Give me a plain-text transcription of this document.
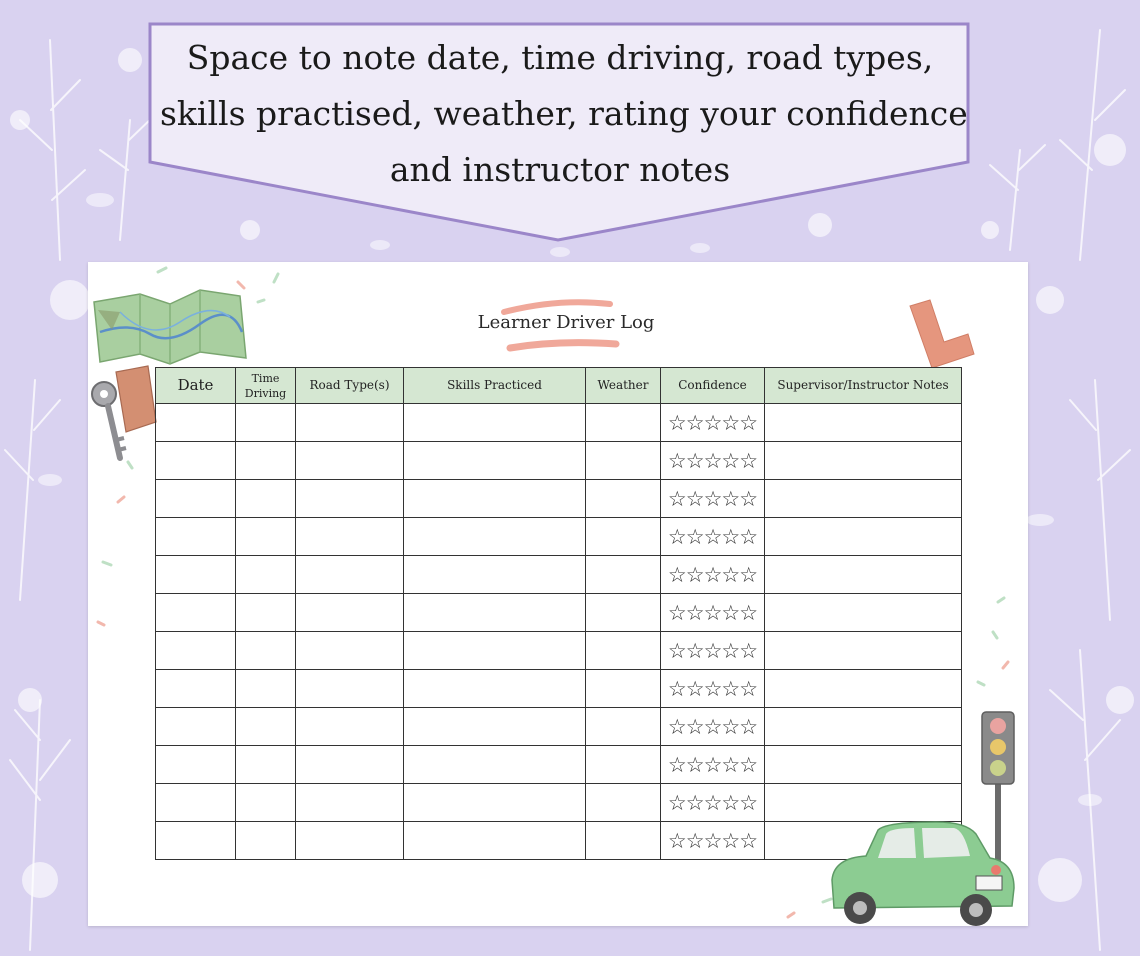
Space to note date, time driving, road types,
skills practised, weather, rating your confidence
and instructor notes
Learner Driver Log
Date	Time Driving	Road Type(s)	Skills Practiced	Weather	Confidence	Supervisor/Instructor Notes
					☆☆☆☆☆	
					☆☆☆☆☆	
					☆☆☆☆☆	
					☆☆☆☆☆	
					☆☆☆☆☆	
					☆☆☆☆☆	
					☆☆☆☆☆	
					☆☆☆☆☆	
					☆☆☆☆☆	
					☆☆☆☆☆	
					☆☆☆☆☆	
					☆☆☆☆☆	
